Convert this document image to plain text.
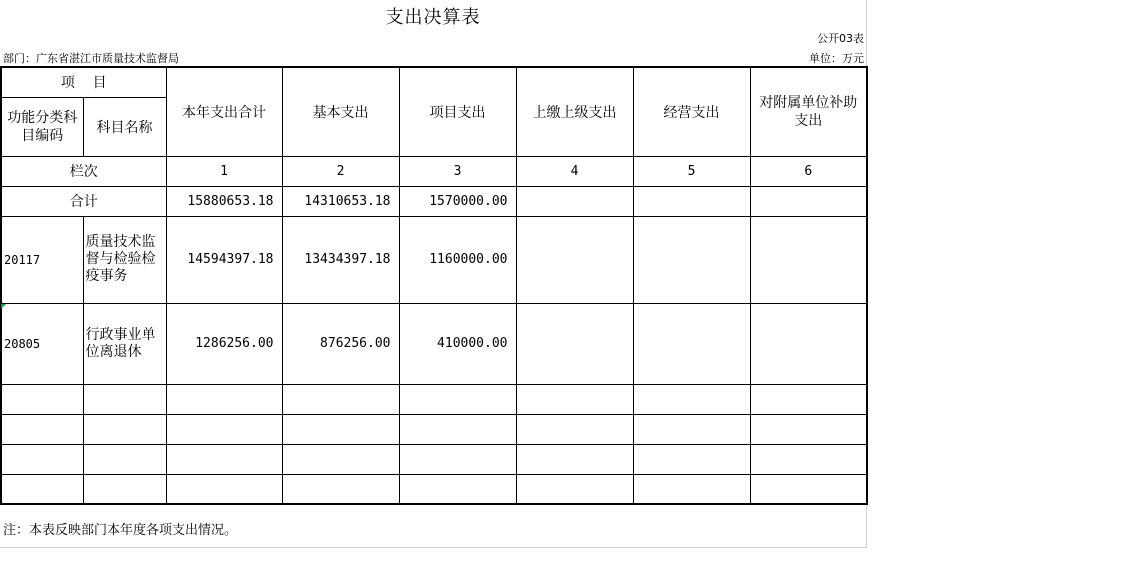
支出决算表
公开03表
部门：广东省湛江市质量技术监督局	单位：万元
项    目		本年支出合计	基本支出	项目支出	上缴上级支出	经营支出	对附属单位补助支出
功能分类科目编码	科目名称						
栏次		1	2	3	4	5	6
合计		15880653.18	14310653.18	1570000.00			
20117	质量技术监督与检验检疫事务	14594397.18	13434397.18	1160000.00			
20805	行政事业单位离退休	1286256.00	876256.00	410000.00			

注：本表反映部门本年度各项支出情况。
